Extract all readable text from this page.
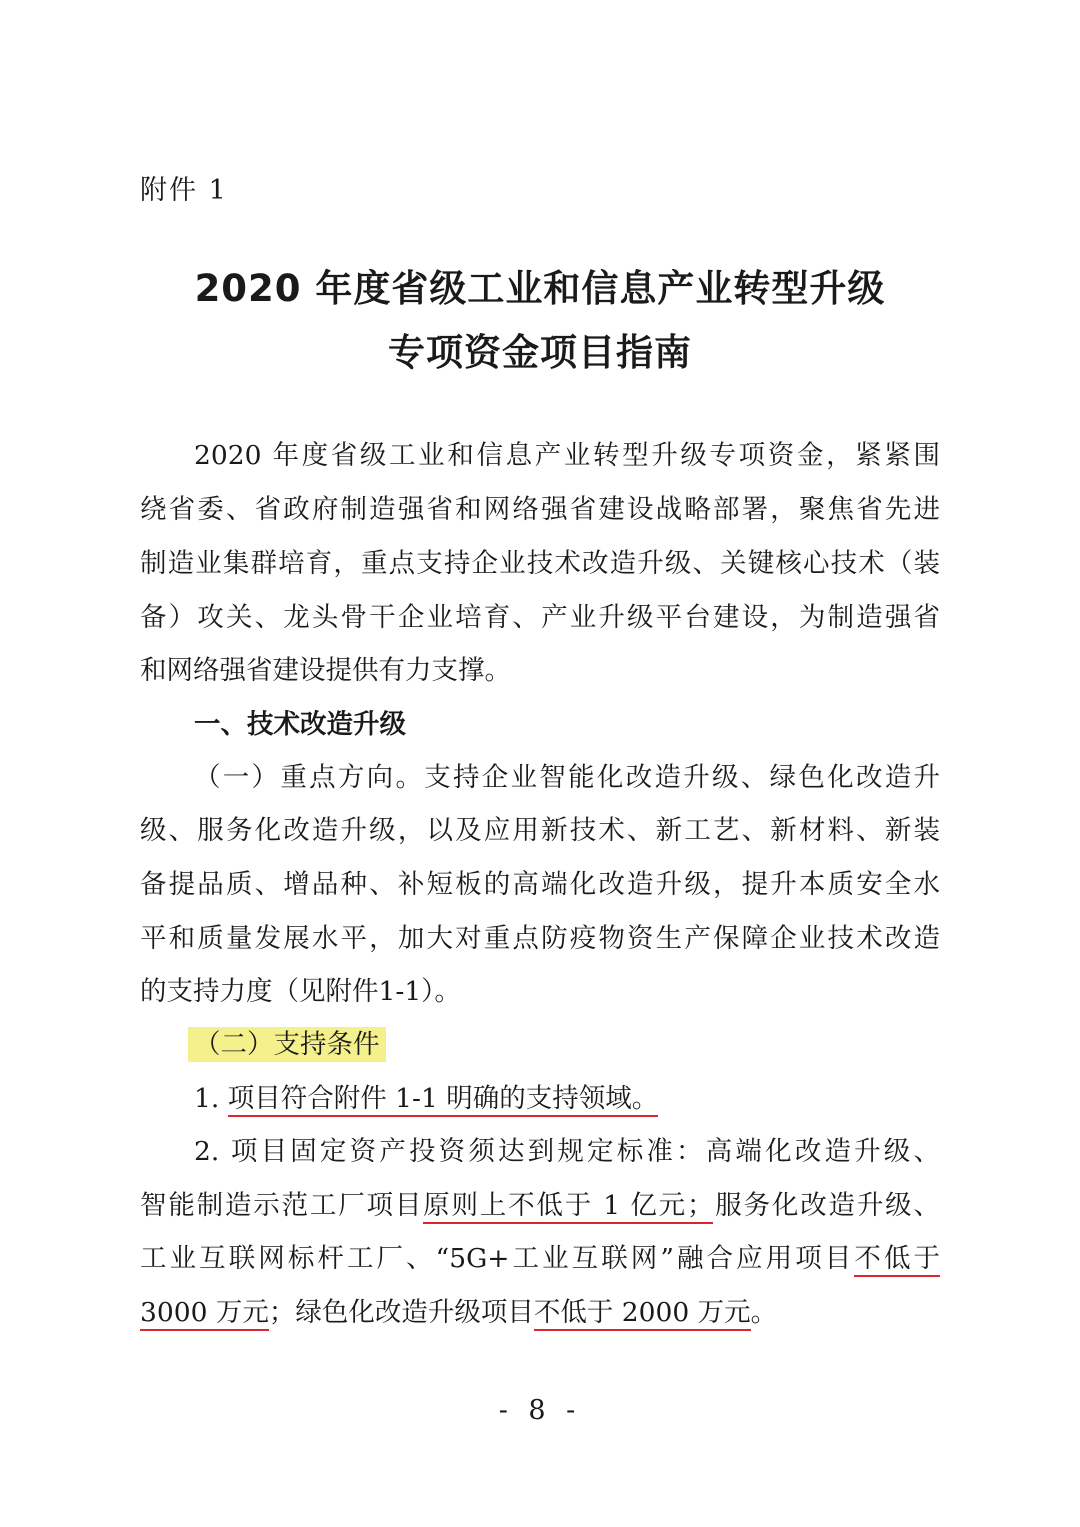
附件 1
2020 年度省级工业和信息产业转型升级
专项资金项目指南
2020 年度省级工业和信息产业转型升级专项资金，紧紧围
绕省委、省政府制造强省和网络强省建设战略部署，聚焦省先进
制造业集群培育，重点支持企业技术改造升级、关键核心技术（装
备）攻关、龙头骨干企业培育、产业升级平台建设，为制造强省
和网络强省建设提供有力支撑。
一、技术改造升级
（一）重点方向。支持企业智能化改造升级、绿色化改造升
级、服务化改造升级，以及应用新技术、新工艺、新材料、新装
备提品质、增品种、补短板的高端化改造升级，提升本质安全水
平和质量发展水平，加大对重点防疫物资生产保障企业技术改造
的支持力度（见附件1-1）。
（二）支持条件
1. 项目符合附件 1-1 明确的支持领域。
2. 项目固定资产投资须达到规定标准：高端化改造升级、
智能制造示范工厂项目原则上不低于 1 亿元；服务化改造升级、
工业互联网标杆工厂、“5G+工业互联网”融合应用项目不低于
3000 万元；绿色化改造升级项目不低于 2000 万元。
- 8 -
